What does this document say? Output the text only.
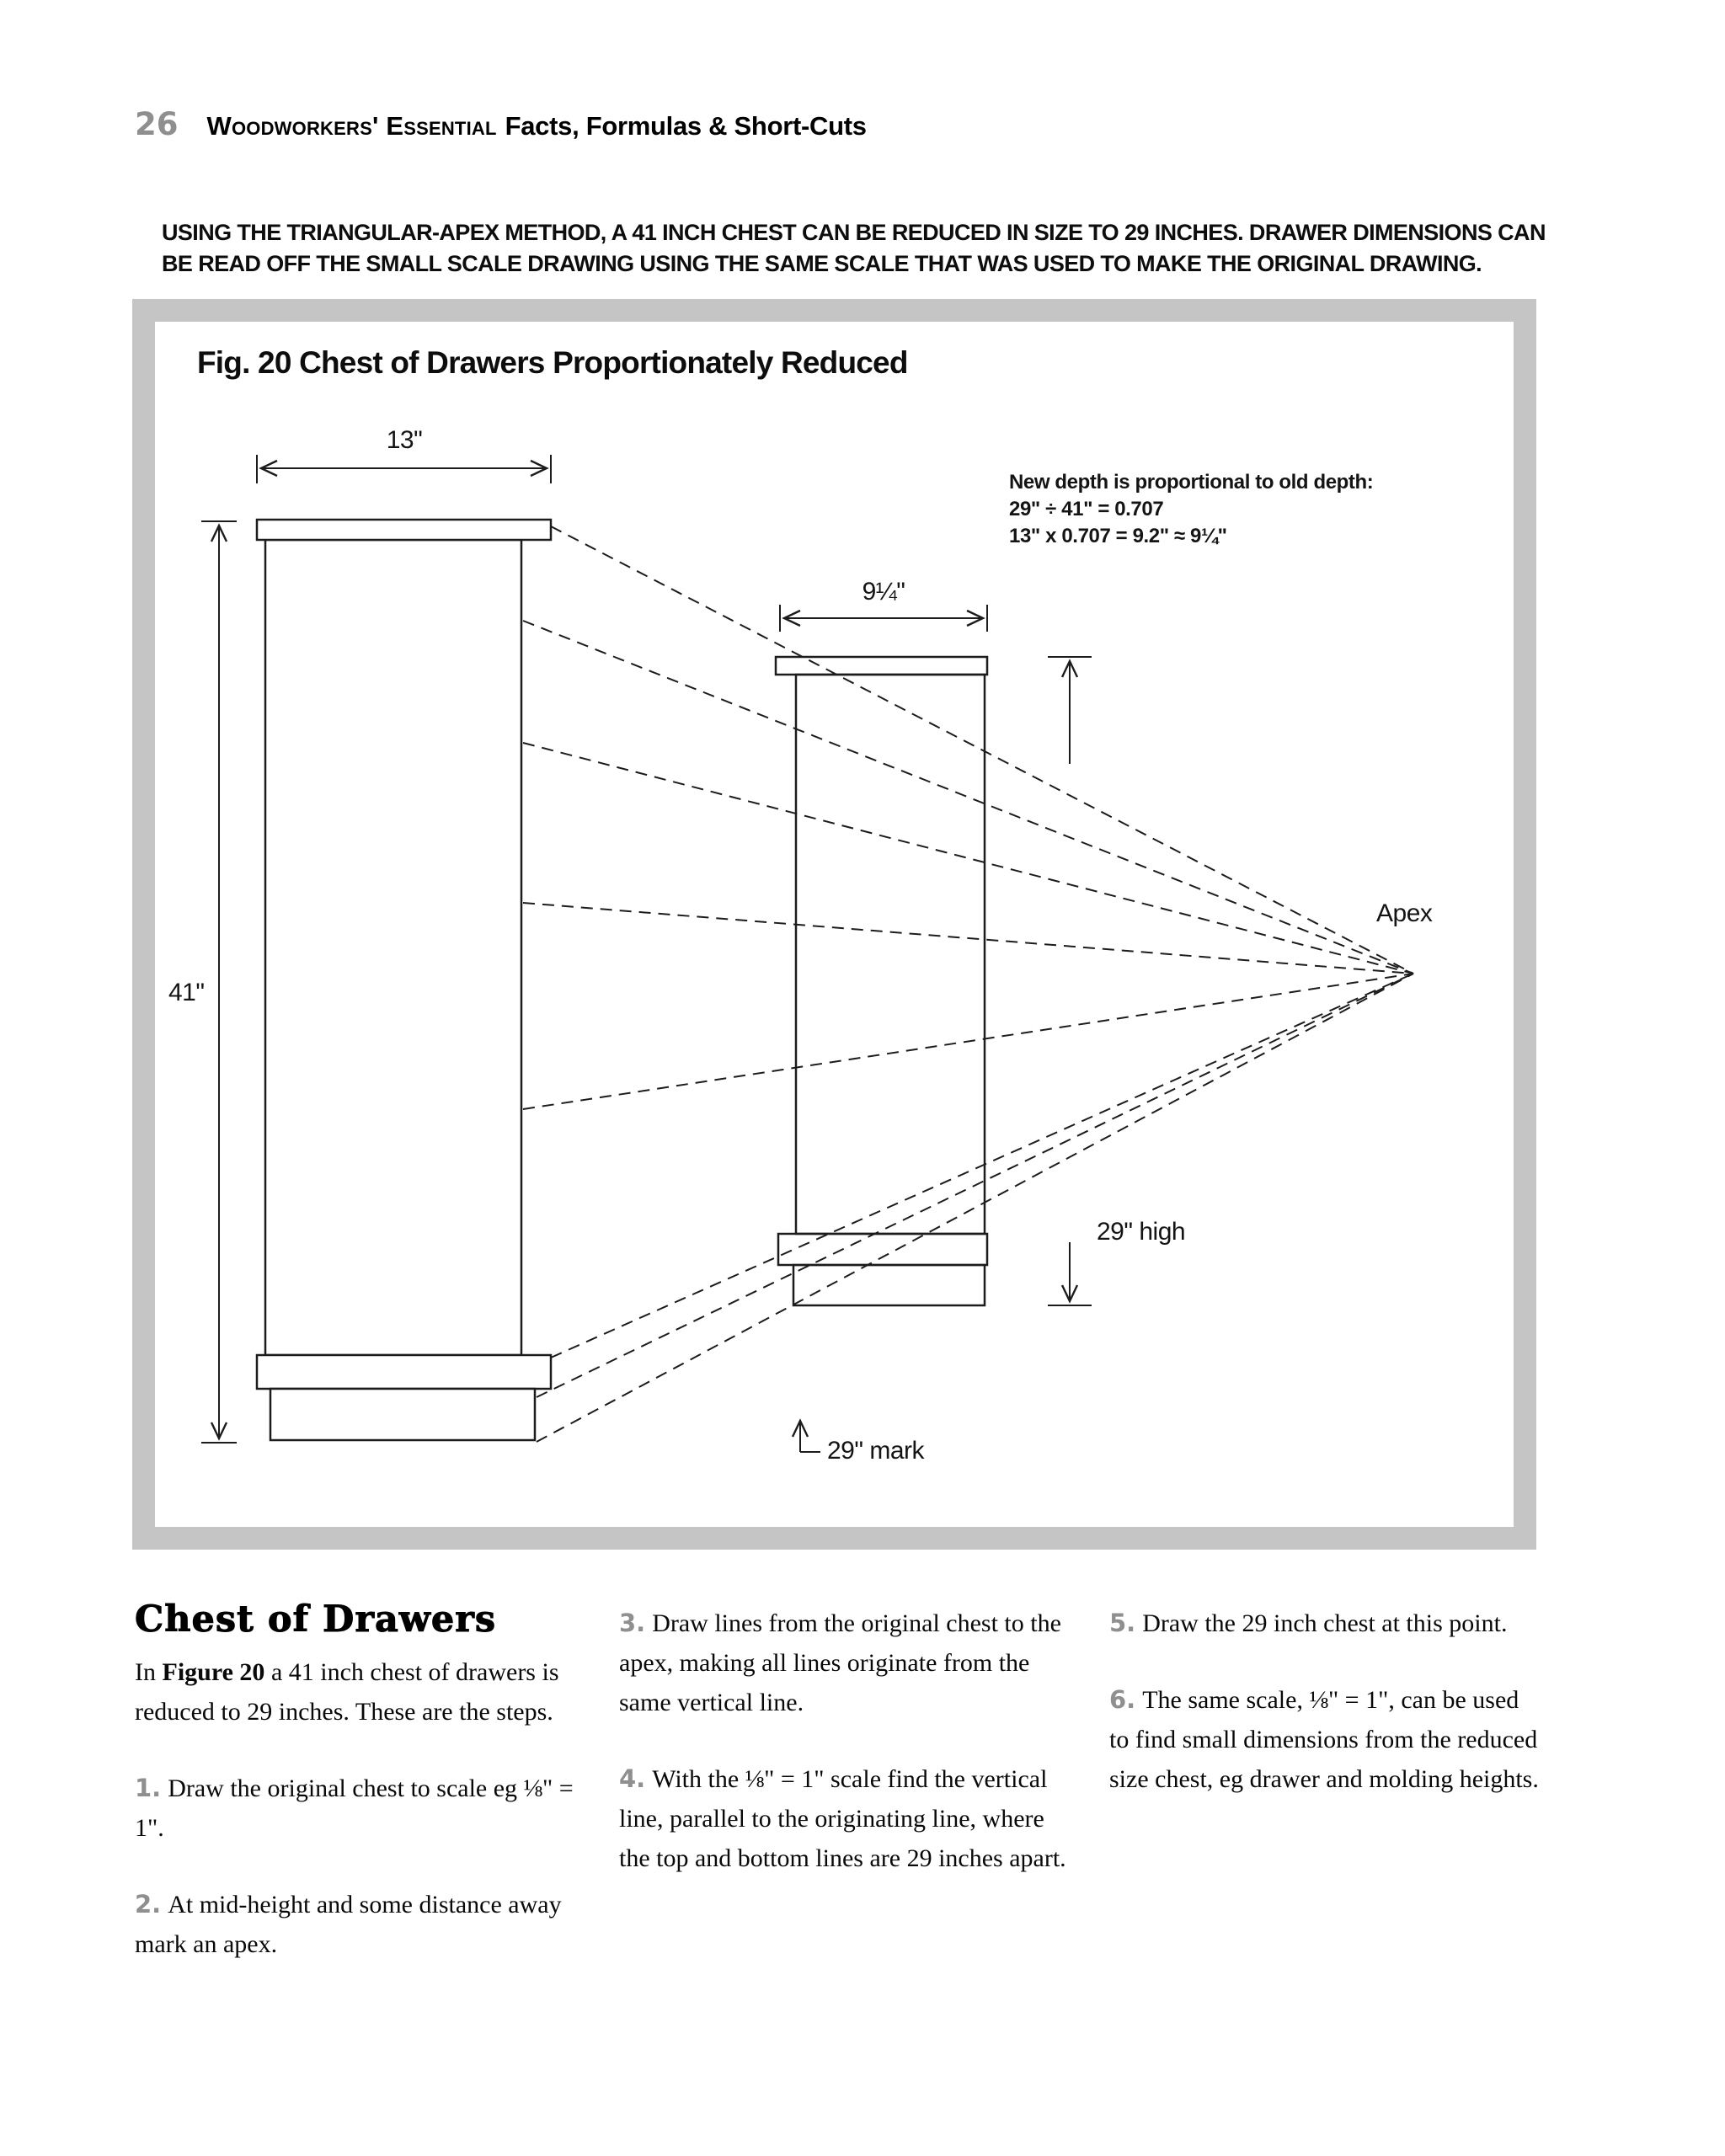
26 Woodworkers' Essential Facts, Formulas & Short-Cuts

USING THE TRIANGULAR-APEX METHOD, A 41 INCH CHEST CAN BE REDUCED IN SIZE TO 29 INCHES. DRAWER DIMENSIONS CAN BE READ OFF THE SMALL SCALE DRAWING USING THE SAME SCALE THAT WAS USED TO MAKE THE ORIGINAL DRAWING.

Fig. 20 Chest of Drawers Proportionately Reduced
13"
41"
9¼"
29" high
29" mark
Apex
New depth is proportional to old depth:
29" ÷ 41" = 0.707
13" x 0.707 = 9.2" ≈ 9¼"
Chest of Drawers

In Figure 20 a 41 inch chest of drawers is reduced to 29 inches. These are the steps.

1. Draw the original chest to scale eg ⅛" = 1".

2. At mid-height and some distance away mark an apex.

3. Draw lines from the original chest to the apex, making all lines originate from the same vertical line.

4. With the ⅛" = 1" scale find the vertical line, parallel to the originating line, where the top and bottom lines are 29 inches apart.

5. Draw the 29 inch chest at this point.

6. The same scale, ⅛" = 1", can be used to find small dimensions from the reduced size chest, eg drawer and molding heights.
